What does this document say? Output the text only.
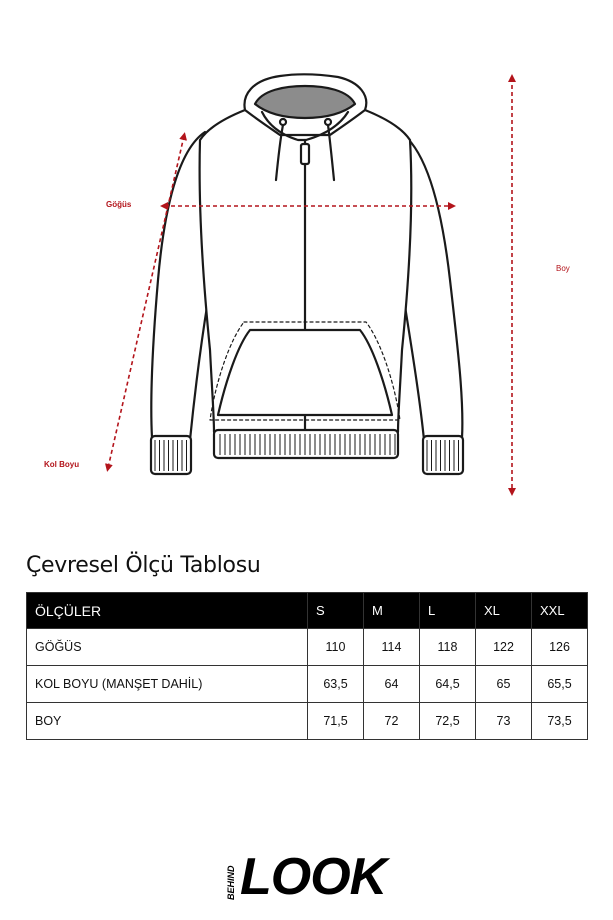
Göğüs
Kol Boyu
Boy
Çevresel Ölçü Tablosu
ÖLÇÜLER	S	M	L	XL	XXL
GÖĞÜS	110	114	118	122	126
KOL BOYU (MANŞET DAHİL)	63,5	64	64,5	65	65,5
BOY	71,5	72	72,5	73	73,5
BEHIND LOOK
